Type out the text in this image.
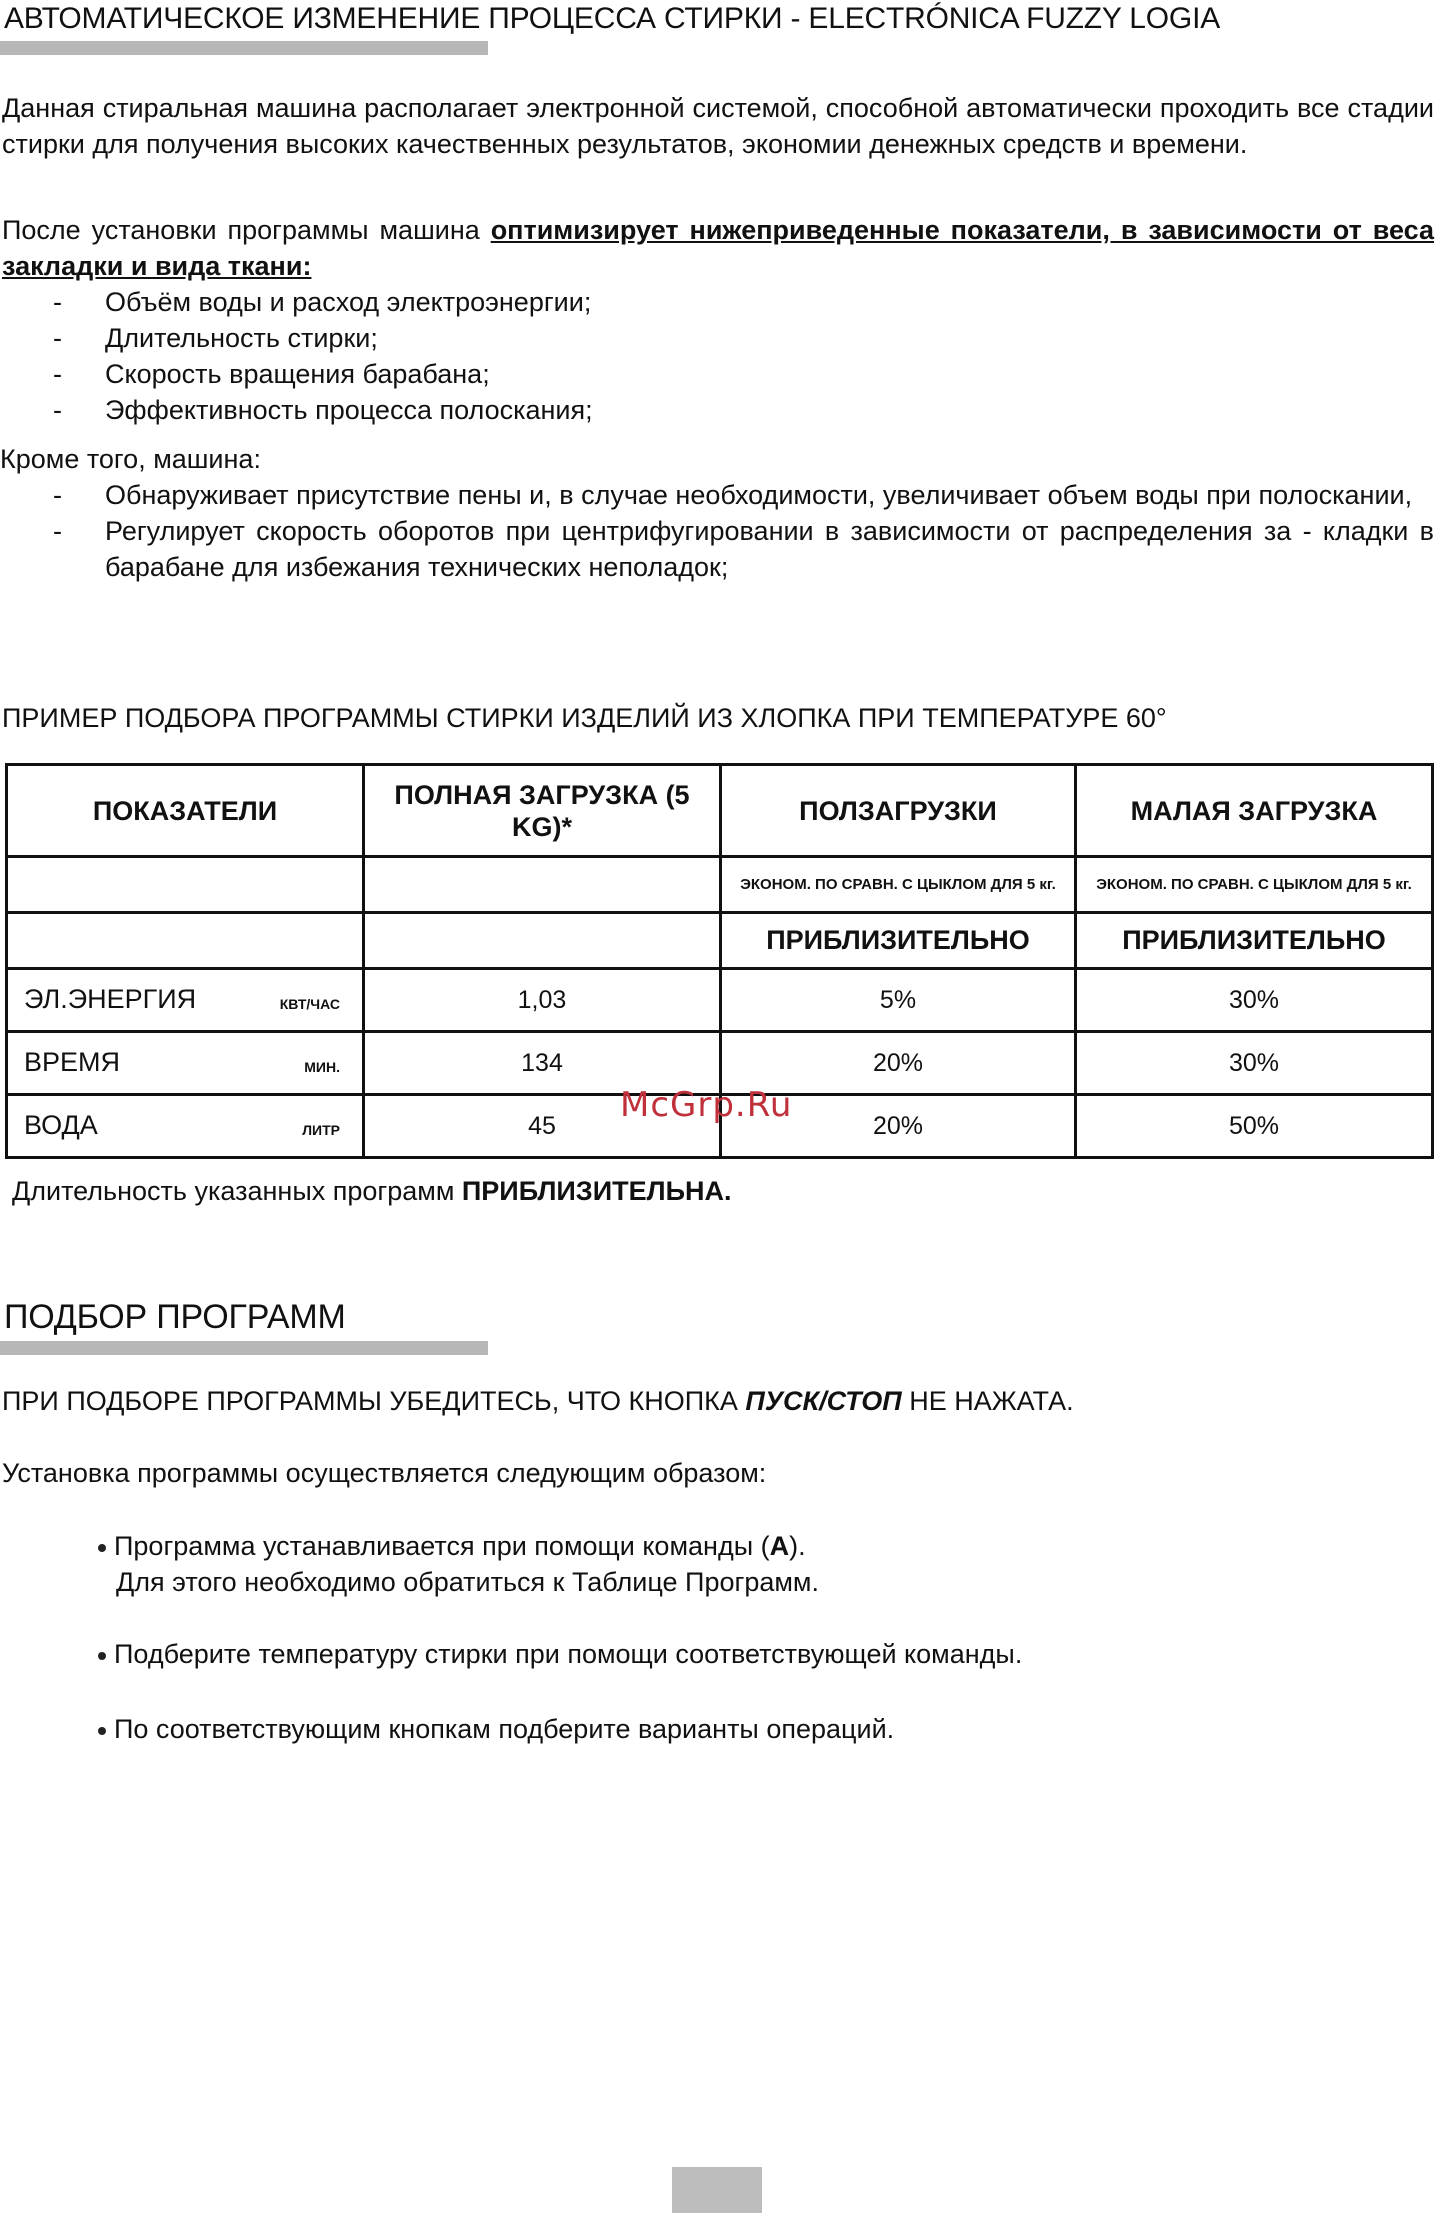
АВТОМАТИЧЕСКОЕ ИЗМЕНЕНИЕ ПРОЦЕССА СТИРКИ - ELECTRÓNICA FUZZY LOGIA
Данная стиральная машина располагает электронной системой, способной автоматически проходить все стадии стирки для получения высоких качественных результатов, экономии денежных средств и времени.
После установки программы машина оптимизирует нижеприведенные показатели, в зависимости от веса закладки и вида ткани:
- Объём воды и расход электроэнергии;
- Длительность стирки;
- Скорость вращения барабана;
- Эффективность процесса полоскания;
Кроме того, машина:
- Обнаруживает присутствие пены и, в случае необходимости, увеличивает объем воды при полоскании,
- Регулирует скорость оборотов при центрифугировании в зависимости от распределения за - кладки в барабане для избежания технических неполадок;
ПРИМЕР ПОДБОРА ПРОГРАММЫ СТИРКИ ИЗДЕЛИЙ ИЗ ХЛОПКА ПРИ ТЕМПЕРАТУРЕ 60°
ПОКАЗАТЕЛИ	ПОЛНАЯ ЗАГРУЗКА (5 KG)*	ПОЛЗАГРУЗКИ	МАЛАЯ ЗАГРУЗКА
		ЭКОНОМ. ПО СРАВН. С ЦЫКЛОМ ДЛЯ 5 кг.	ЭКОНОМ. ПО СРАВН. С ЦЫКЛОМ ДЛЯ 5 кг.
		ПРИБЛИЗИТЕЛЬНО	ПРИБЛИЗИТЕЛЬНО

ЭЛ.ЭНЕРГИЯ КВТ/ЧАС	1,03	5%	30%

ВРЕМЯ МИН.	134	20%	30%

ВОДА ЛИТР	45	20%	50%
McGrp.Ru
Длительность указанных программ ПРИБЛИЗИТЕЛЬНА.
ПОДБОР ПРОГРАММ
ПРИ ПОДБОРЕ ПРОГРАММЫ УБЕДИТЕСЬ, ЧТО КНОПКА ПУСК/СТОП НЕ НАЖАТА.
Установка программы осуществляется следующим образом:
Программа устанавливается при помощи команды (A).
Для этого необходимо обратиться к Таблице Программ.
Подберите температуру стирки при помощи соответствующей команды.
По соответствующим кнопкам подберите варианты операций.
